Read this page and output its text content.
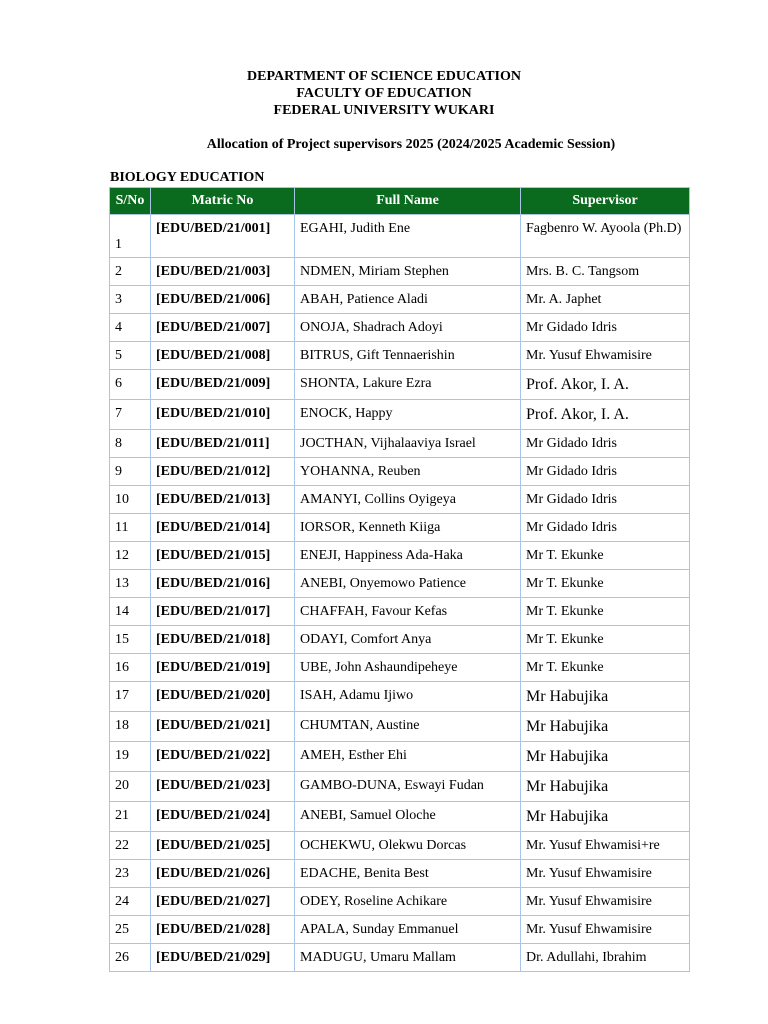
DEPARTMENT OF SCIENCE EDUCATION
FACULTY OF EDUCATION
FEDERAL UNIVERSITY WUKARI
Allocation of Project supervisors 2025 (2024/2025 Academic Session)
BIOLOGY EDUCATION
S/No	Matric No	Full Name	Supervisor
1	[EDU/BED/21/001]	EGAHI, Judith Ene	Fagbenro W. Ayoola (Ph.D)
2	[EDU/BED/21/003]	NDMEN, Miriam Stephen	Mrs. B. C. Tangsom
3	[EDU/BED/21/006]	ABAH, Patience Aladi	Mr. A. Japhet
4	[EDU/BED/21/007]	ONOJA, Shadrach Adoyi	Mr Gidado Idris
5	[EDU/BED/21/008]	BITRUS, Gift Tennaerishin	Mr. Yusuf Ehwamisire
6	[EDU/BED/21/009]	SHONTA, Lakure Ezra	Prof. Akor, I. A.
7	[EDU/BED/21/010]	ENOCK, Happy	Prof. Akor, I. A.
8	[EDU/BED/21/011]	JOCTHAN, Vijhalaaviya Israel	Mr Gidado Idris
9	[EDU/BED/21/012]	YOHANNA, Reuben	Mr Gidado Idris
10	[EDU/BED/21/013]	AMANYI, Collins Oyigeya	Mr Gidado Idris
11	[EDU/BED/21/014]	IORSOR, Kenneth Kiiga	Mr Gidado Idris
12	[EDU/BED/21/015]	ENEJI, Happiness Ada-Haka	Mr T. Ekunke
13	[EDU/BED/21/016]	ANEBI, Onyemowo Patience	Mr T. Ekunke
14	[EDU/BED/21/017]	CHAFFAH, Favour Kefas	Mr T. Ekunke
15	[EDU/BED/21/018]	ODAYI, Comfort Anya	Mr T. Ekunke
16	[EDU/BED/21/019]	UBE, John Ashaundipeheye	Mr T. Ekunke
17	[EDU/BED/21/020]	ISAH, Adamu Ijiwo	Mr Habujika
18	[EDU/BED/21/021]	CHUMTAN, Austine	Mr Habujika
19	[EDU/BED/21/022]	AMEH, Esther Ehi	Mr Habujika
20	[EDU/BED/21/023]	GAMBO-DUNA, Eswayi Fudan	Mr Habujika
21	[EDU/BED/21/024]	ANEBI, Samuel Oloche	Mr Habujika
22	[EDU/BED/21/025]	OCHEKWU, Olekwu Dorcas	Mr. Yusuf Ehwamisi+re
23	[EDU/BED/21/026]	EDACHE, Benita Best	Mr. Yusuf Ehwamisire
24	[EDU/BED/21/027]	ODEY, Roseline Achikare	Mr. Yusuf Ehwamisire
25	[EDU/BED/21/028]	APALA, Sunday Emmanuel	Mr. Yusuf Ehwamisire
26	[EDU/BED/21/029]	MADUGU, Umaru Mallam	Dr. Adullahi, Ibrahim
